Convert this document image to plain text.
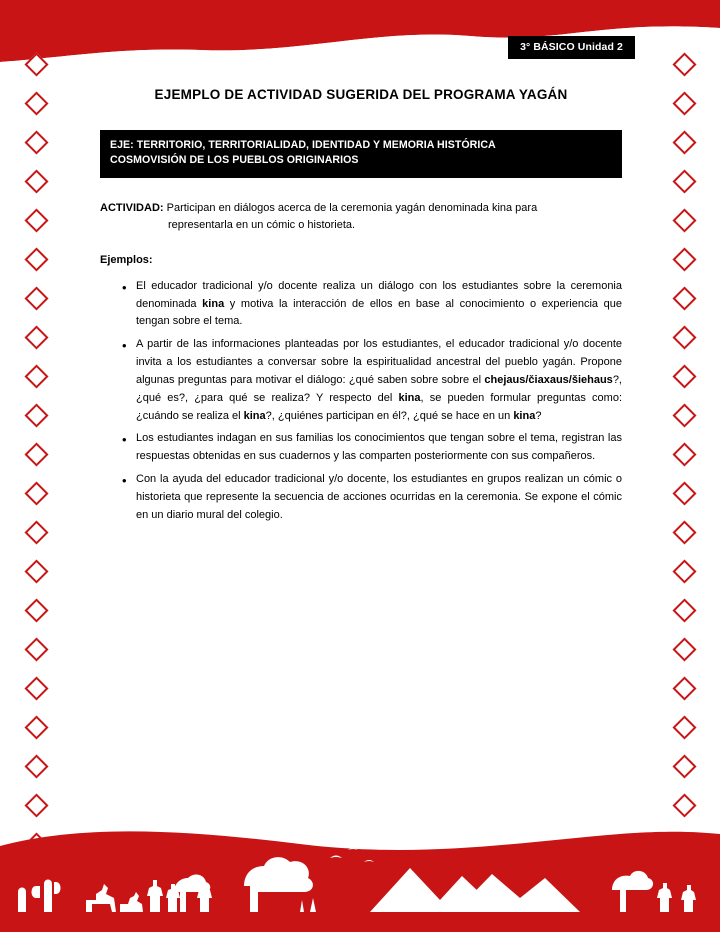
3° BÁSICO Unidad 2
EJEMPLO DE ACTIVIDAD SUGERIDA DEL PROGRAMA YAGÁN
EJE: TERRITORIO, TERRITORIALIDAD, IDENTIDAD Y MEMORIA HISTÓRICA
COSMOVISIÓN DE LOS PUEBLOS ORIGINARIOS
ACTIVIDAD: Participan en diálogos acerca de la ceremonia yagán denominada kina para
representarla en un cómic o historieta.
Ejemplos:
• El educador tradicional y/o docente realiza un diálogo con los estudiantes sobre la ceremonia denominada kina y motiva la interacción de ellos en base al conocimiento o experiencia que tengan sobre el tema.
• A partir de las informaciones planteadas por los estudiantes, el educador tradicional y/o docente invita a los estudiantes a conversar sobre la espiritualidad ancestral del pueblo yagán. Propone algunas preguntas para motivar el diálogo: ¿qué saben sobre sobre el chejaus/čiaxaus/šiehaus?, ¿qué es?, ¿para qué se realiza? Y respecto del kina, se pueden formular preguntas como: ¿cuándo se realiza el kina?, ¿quiénes participan en él?, ¿qué se hace en un kina?
• Los estudiantes indagan en sus familias los conocimientos que tengan sobre el tema, registran las respuestas obtenidas en sus cuadernos y las comparten posteriormente con sus compañeros.
• Con la ayuda del educador tradicional y/o docente, los estudiantes en grupos realizan un cómic o historieta que represente la secuencia de acciones ocurridas en la ceremonia. Se expone el cómic en un diario mural del colegio.
